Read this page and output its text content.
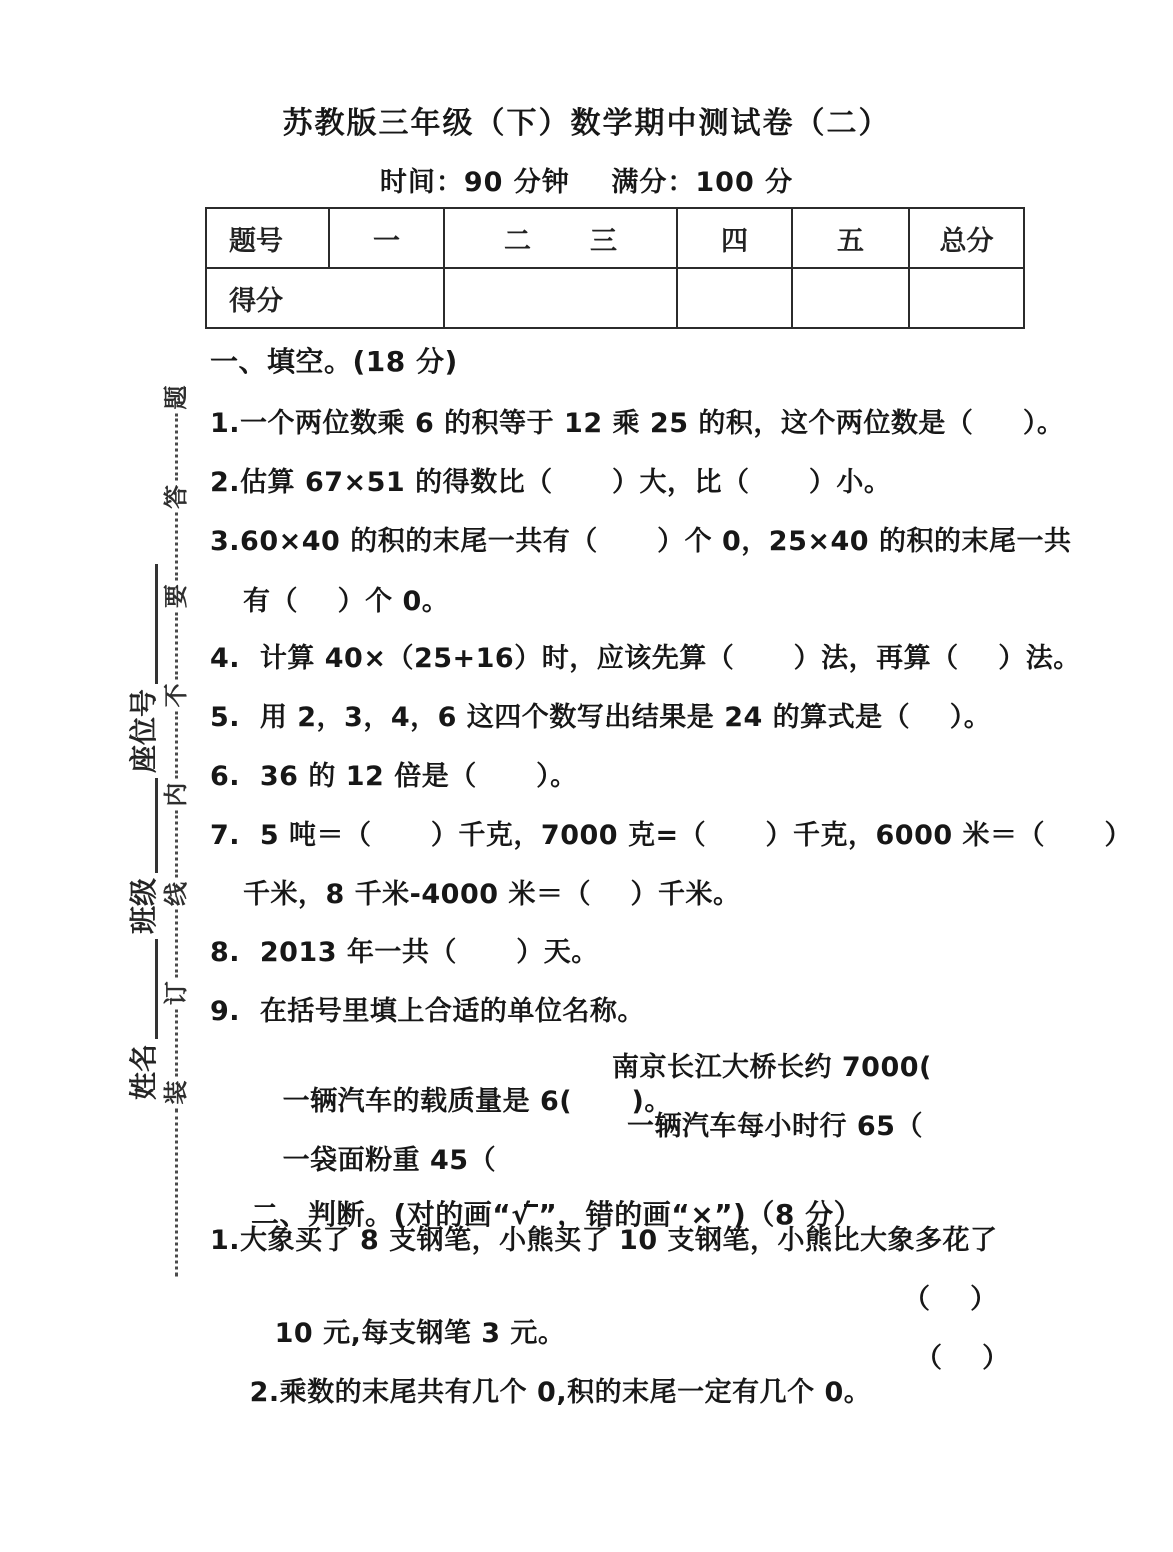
苏教版三年级（下）数学期中测试卷（二）
时间：90 分钟    满分：100 分
题号	一	二 三	四	五	总分
得分					
姓名
班级
座位号
装
订
线
内
不
要
答
题
一、填空。(18 分)
1.一个两位数乘 6 的积等于 12 乘 25 的积，这个两位数是（     ）。
2.估算 67×51 的得数比（      ）大，比（      ）小。
3.60×40 的积的末尾一共有（      ）个 0，25×40 的积的末尾一共
有（    ）个 0。
4.  计算 40×（25+16）时，应该先算（      ）法，再算（    ）法。
5.  用 2，3，4，6 这四个数写出结果是 24 的算式是（    ）。
6.  36 的 12 倍是（      ）。
7.  5 吨＝（      ）千克，7000 克=（      ）千克，6000 米＝（      ）
千米，8 千米-4000 米＝（    ）千米。
8.  2013 年一共（      ）天。
9.  在括号里填上合适的单位名称。

一辆汽车的载质量是 6(      )。

南京长江大桥长约 7000(

一袋面粉重 45（

一辆汽车每小时行 65（

二、判断。(对的画“√ ”，错的画“×”)（8 分）

1.大象买了 8 支钢笔，小熊买了 10 支钢笔，小熊比大象多花了

10 元,每支钢笔 3 元。

（    ）

2.乘数的末尾共有几个 0,积的末尾一定有几个 0。

（    ）
